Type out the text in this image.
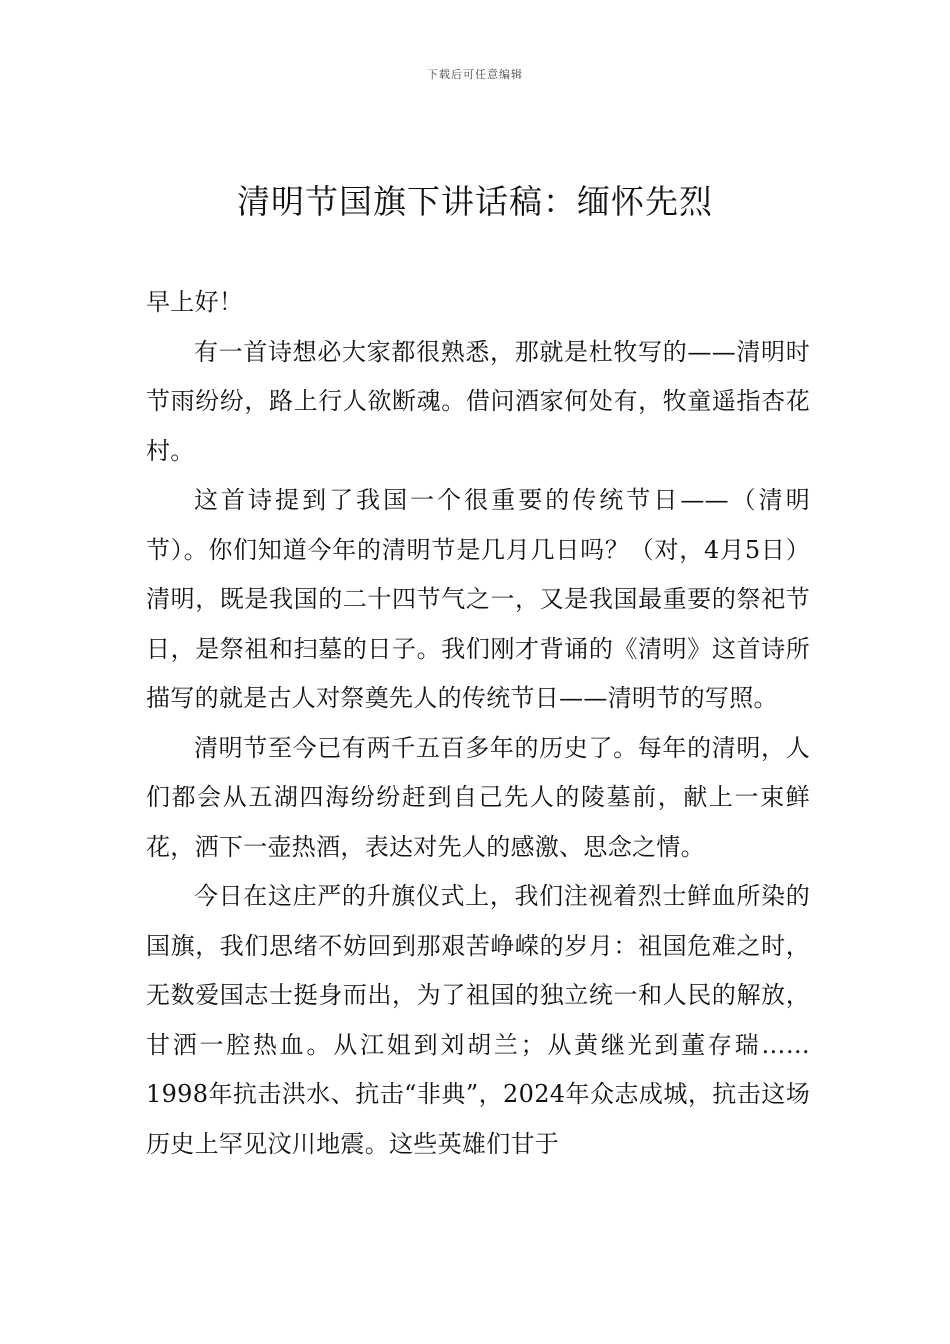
下载后可任意编辑
清明节国旗下讲话稿：缅怀先烈

早上好！

有一首诗想必大家都很熟悉，那就是杜牧写的——清明时节雨纷纷，路上行人欲断魂。借问酒家何处有，牧童遥指杏花村。

这首诗提到了我国一个很重要的传统节日——（清明节）。你们知道今年的清明节是几月几日吗？（对，4月5日）清明，既是我国的二十四节气之一，又是我国最重要的祭祀节日，是祭祖和扫墓的日子。我们刚才背诵的《清明》这首诗所描写的就是古人对祭奠先人的传统节日——清明节的写照。

清明节至今已有两千五百多年的历史了。每年的清明，人们都会从五湖四海纷纷赶到自己先人的陵墓前，献上一束鲜花，洒下一壶热酒，表达对先人的感激、思念之情。

今日在这庄严的升旗仪式上，我们注视着烈士鲜血所染的国旗，我们思绪不妨回到那艰苦峥嵘的岁月：祖国危难之时，无数爱国志士挺身而出，为了祖国的独立统一和人民的解放，甘洒一腔热血。从江姐到刘胡兰；从黄继光到董存瑞……1998年抗击洪水、抗击“非典”，2024年众志成城，抗击这场历史上罕见汶川地震。这些英雄们甘于
